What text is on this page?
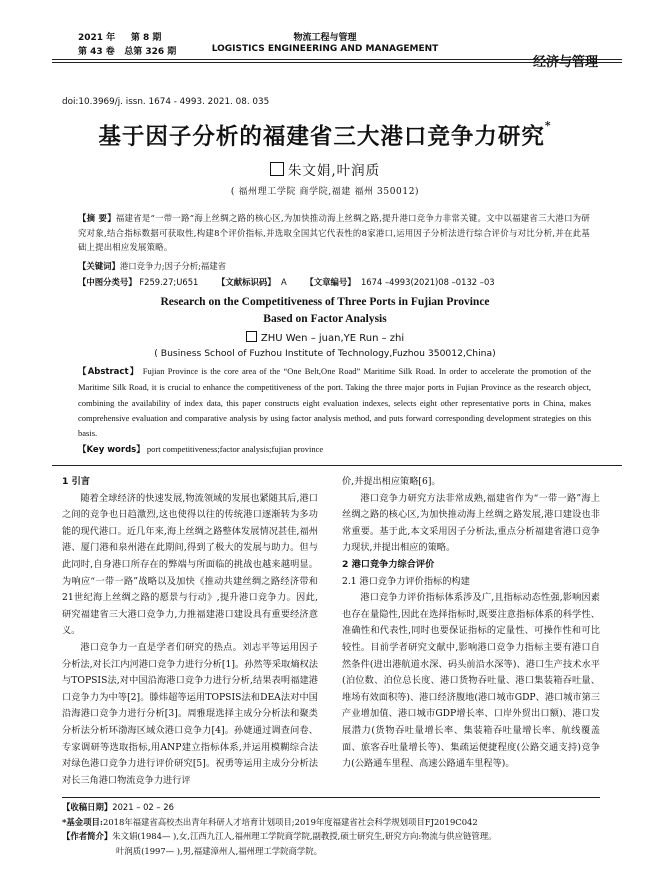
2021 年 第 8 期
第 43 卷 总第 326 期
物流工程与管理
LOGISTICS ENGINEERING AND MANAGEMENT
经济与管理
doi:10.3969/j. issn. 1674 - 4993. 2021. 08. 035
基于因子分析的福建省三大港口竞争力研究*
朱文娟,叶润质
( 福州理工学院 商学院,福建 福州 350012)
【摘 要】福建省是“一带一路”海上丝绸之路的核心区,为加快推动海上丝绸之路,提升港口竞争力非常关键。文中以福建省三大港口为研究对象,结合指标数据可获取性,构建8个评价指标,并选取全国其它代表性的8家港口,运用因子分析法进行综合评价与对比分析,并在此基础上提出相应发展策略。
【关键词】港口竞争力;因子分析;福建省
【中图分类号】 F259.27;U651 【文献标识码】 A 【文章编号】 1674 –4993(2021)08 –0132 –03
Research on the Competitiveness of Three Ports in Fujian Province
Based on Factor Analysis
ZHU Wen – juan,YE Run – zhi
( Business School of Fuzhou Institute of Technology,Fuzhou 350012,China)
【Abstract】 Fujian Province is the core area of the “One Belt,One Road” Maritime Silk Road. In order to accelerate the promotion of the Maritime Silk Road, it is crucial to enhance the competitiveness of the port. Taking the three major ports in Fujian Province as the research object, combining the availability of index data, this paper constructs eight evaluation indexes, selects eight other representative ports in China, makes comprehensive evaluation and comparative analysis by using factor analysis method, and puts forward corresponding development strategies on this basis.
【Key words】 port competitiveness;factor analysis;fujian province

1 引言

随着全球经济的快速发展,物流领域的发展也紧随其后,港口之间的竞争也日趋激烈,这也使得以往的传统港口逐渐转为多功能的现代港口。近几年来,海上丝绸之路整体发展情况甚佳,福州港、厦门港和泉州港在此期间,得到了极大的发展与助力。但与此同时,自身港口所存在的弊端与所面临的挑战也越来越明显。为响应“一带一路”战略以及加快《推动共建丝绸之路经济带和21世纪海上丝绸之路的愿景与行动》,提升港口竞争力。因此,研究福建省三大港口竞争力,力推福建港口建设具有重要经济意义。

港口竞争力一直是学者们研究的热点。刘志平等运用因子分析法,对长江内河港口竞争力进行分析[1]。孙然等采取熵权法与TOPSIS法,对中国沿海港口竞争力进行分析,结果表明福建港口竞争力为中等[2]。滕炜超等运用TOPSIS法和DEA法对中国沿海港口竞争力进行分析[3]。周雅琨选择主成分分析法和聚类分析法分析环渤海区域众港口竞争力[4]。孙婕通过调查问卷、专家调研等选取指标,用ANP建立指标体系,并运用模糊综合法对绿色港口竞争力进行评价研究[5]。祝勇等运用主成分分析法对长三角港口物流竞争力进行评

价,并提出相应策略[6]。

港口竞争力研究方法非常成熟,福建省作为“一带一路”海上丝绸之路的核心区,为加快推动海上丝绸之路发展,港口建设也非常重要。基于此,本文采用因子分析法,重点分析福建省港口竞争力现状,并提出相应的策略。

2 港口竞争力综合评价

2.1 港口竞争力评价指标的构建

港口竞争力评价指标体系涉及广,且指标动态性强,影响因素也存在量隐性,因此在选择指标时,既要注意指标体系的科学性、准确性和代表性,同时也要保证指标的定量性、可操作性和可比较性。目前学者研究文献中,影响港口竞争力指标主要有港口自然条件(进出港航道水深、码头前沿水深等)、港口生产技术水平(泊位数、泊位总长度、港口货物吞吐量、港口集装箱吞吐量、堆场有效面积等)、港口经济腹地(港口城市GDP、港口城市第三产业增加值、港口城市GDP增长率、口岸外贸出口额)、港口发展潜力(货物吞吐量增长率、集装箱吞吐量增长率、航线覆盖面、旅客吞吐量增长等)、集疏运便捷程度(公路交通支持)竞争力(公路通车里程、高速公路通车里程等)。

【收稿日期】2021 – 02 – 26
*基金项目:2018年福建省高校杰出青年科研人才培育计划项目;2019年度福建省社会科学规划项目FJ2019C042
【作者简介】朱文娟(1984— ),女,江西九江人,福州理工学院商学院,副教授,硕士研究生,研究方向:物流与供应链管理。
叶润质(1997— ),男,福建漳州人,福州理工学院商学院。
